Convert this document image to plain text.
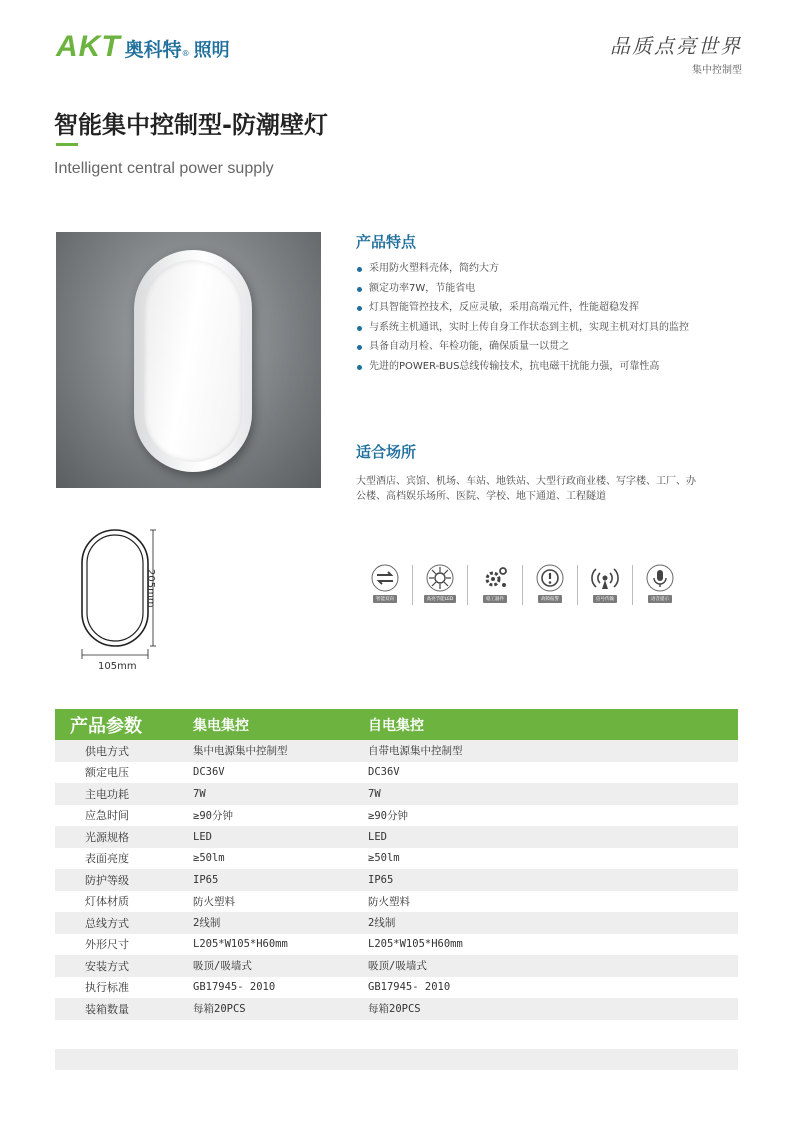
AKT 奥科特 ® 照明	品质点亮世界
集中控制型
智能集中控制型-防潮壁灯
Intelligent central power supply
产品特点
采用防火塑料壳体，简约大方
额定功率7W，节能省电
灯具智能管控技术，反应灵敏，采用高端元件，性能超稳发挥
与系统主机通讯，实时上传自身工作状态到主机，实现主机对灯具的监控
具备自动月检、年检功能，确保质量一以贯之
先进的POWER-BUS总线传输技术，抗电磁干扰能力强，可靠性高
适合场所
大型酒店、宾馆、机场、车站、地铁站、大型行政商业楼、写字楼、工厂、办公楼、高档娱乐场所、医院、学校、地下通道、工程隧道
105mm
205mm	智能双向	高亮节能LED	稳工器件	故障报警	信号传输	语音提示
产品参数	集电集控	自电集控
供电方式	集中电源集中控制型	自带电源集中控制型
额定电压	DC36V	DC36V
主电功耗	7W	7W
应急时间	≥90分钟	≥90分钟
光源规格	LED	LED
表面亮度	≥50lm	≥50lm
防护等级	IP65	IP65
灯体材质	防火塑料	防火塑料
总线方式	2线制	2线制
外形尺寸	L205*W105*H60mm	L205*W105*H60mm
安装方式	吸顶/吸墙式	吸顶/吸墙式
执行标准	GB17945- 2010	GB17945- 2010
装箱数量	每箱20PCS	每箱20PCS
